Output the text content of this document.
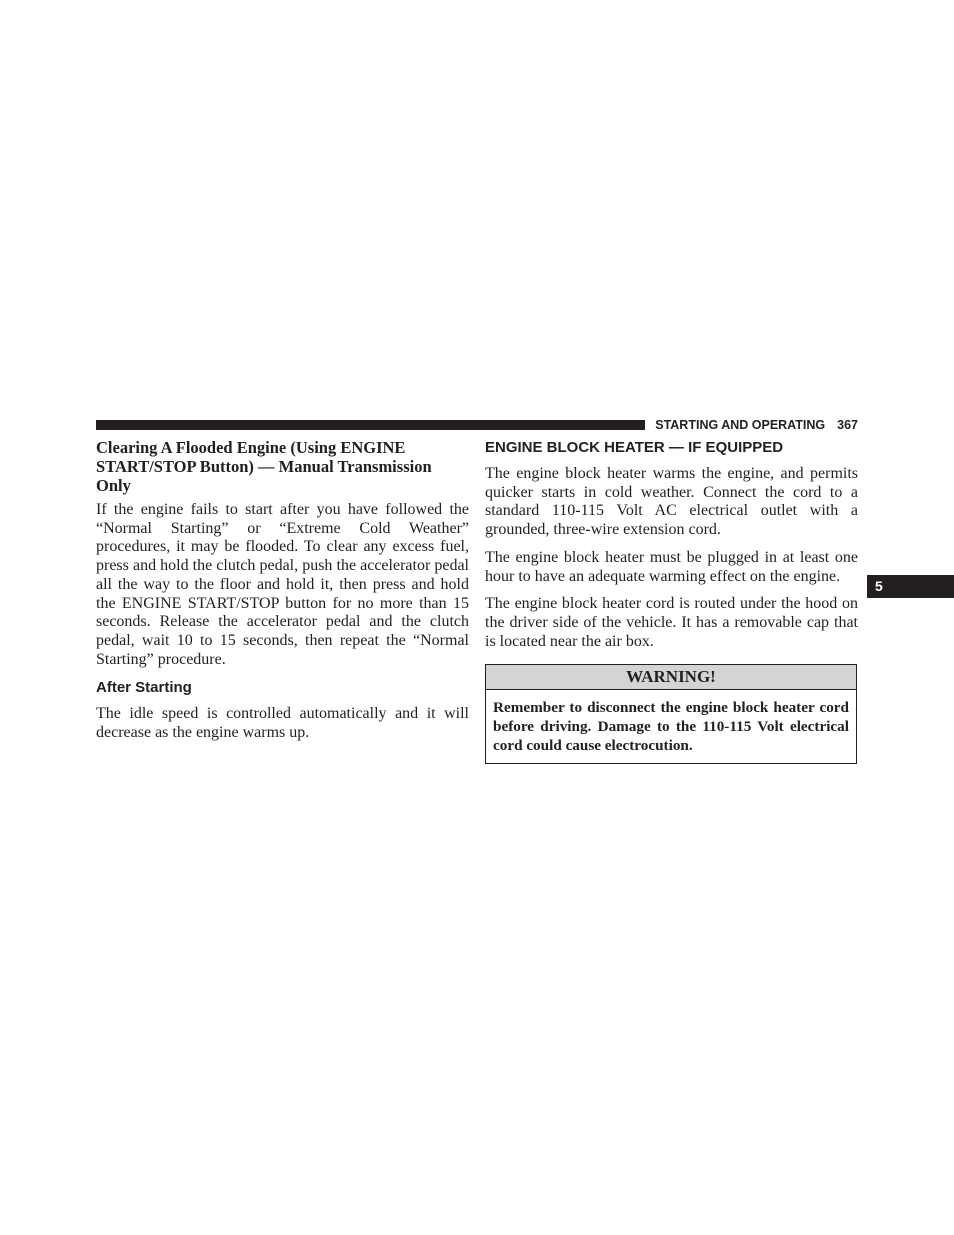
STARTING AND OPERATING 367
Clearing A Flooded Engine (Using ENGINE START/STOP Button) — Manual Transmission Only

If the engine fails to start after you have followed the “Normal Starting” or “Extreme Cold Weather” procedures, it may be flooded. To clear any excess fuel, press and hold the clutch pedal, push the accelerator pedal all the way to the floor and hold it, then press and hold the ENGINE START/STOP button for no more than 15 seconds. Release the accelerator pedal and the clutch pedal, wait 10 to 15 seconds, then repeat the “Normal Starting” procedure.

After Starting

The idle speed is controlled automatically and it will decrease as the engine warms up.

ENGINE BLOCK HEATER — IF EQUIPPED

The engine block heater warms the engine, and permits quicker starts in cold weather. Connect the cord to a standard 110-115 Volt AC electrical outlet with a grounded, three-wire extension cord.

The engine block heater must be plugged in at least one hour to have an adequate warming effect on the engine.

The engine block heater cord is routed under the hood on the driver side of the vehicle. It has a removable cap that is located near the air box.

WARNING!
Remember to disconnect the engine block heater cord before driving. Damage to the 110-115 Volt electrical cord could cause electrocution.
5
